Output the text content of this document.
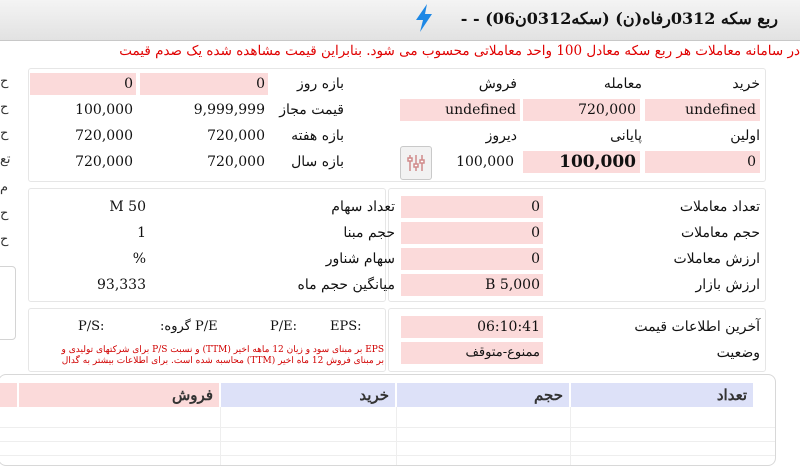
ربع سکه 0312رفاه(ن) (سکه0312ن06) - -
در سامانه معاملات هر ربع سکه معادل 100 واحد معاملاتی محسوب می شود. بنابراین قیمت مشاهده شده یک صدم قیمت
خرید
معامله
فروش
undefined
720,000
undefined
اولین
پایانی
دیروز
0
100,000
100,000
بازه روز
0
0
قیمت مجاز
9,999,999
100,000
بازه هفته
720,000
720,000
بازه سال
720,000
720,000
تعداد معاملات
0
حجم معاملات
0
ارزش معاملات
0
ارزش بازار
5,000 B
تعداد سهام
50 M
حجم مبنا
1
سهام شناور
%
میانگین حجم ماه
93,333
آخرین اطلاعات قیمت
06:10:41
وضعیت
ممنوع-متوقف
EPS:
P/E:
P/E گروه:
P/S:
EPS بر مبنای سود و زیان 12 ماهه اخیر (TTM) و نسبت P/S برای شرکتهای تولیدی و
بر مبنای فروش 12 ماه اخیر (TTM) محاسبه شده است. برای اطلاعات بیشتر به گدال
ح
ح
ح
تع
م
ح
ح
تعداد
حجم
خرید
فروش
